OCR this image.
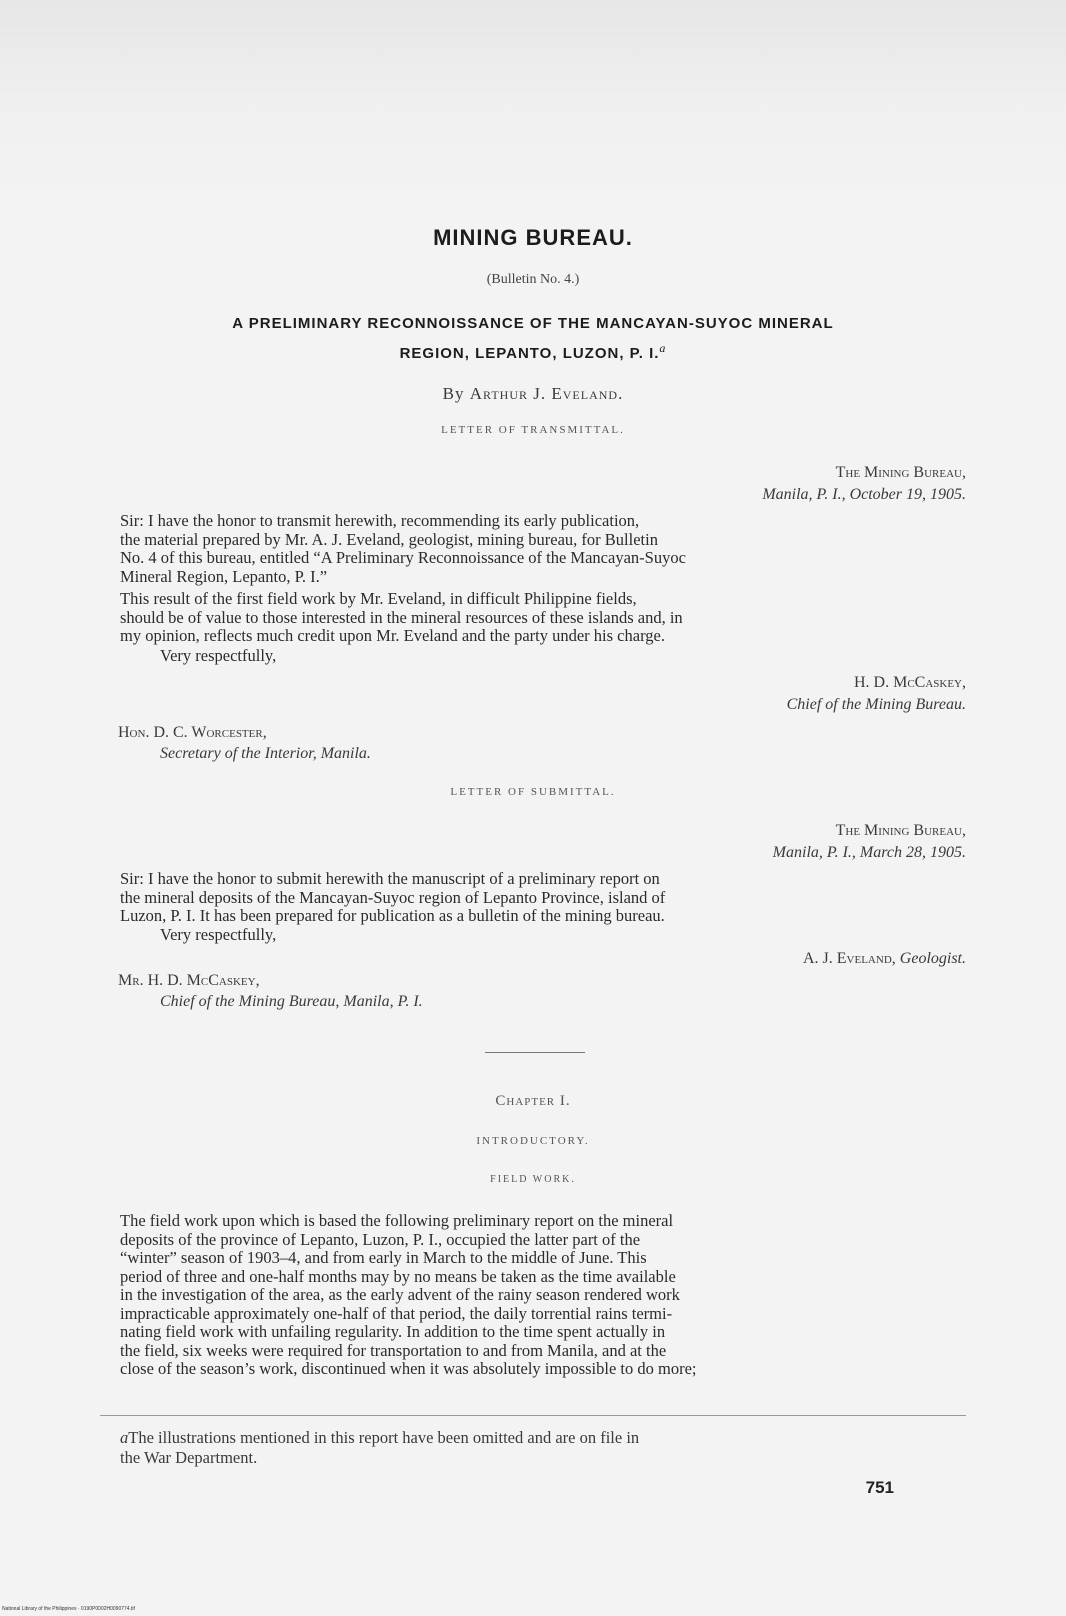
MINING BUREAU.
(Bulletin No. 4.)
A PRELIMINARY RECONNOISSANCE OF THE MANCAYAN-SUYOC MINERAL
REGION, LEPANTO, LUZON, P. I.$^a$
By Arthur J. Eveland.
LETTER OF TRANSMITTAL.
The Mining Bureau,
Manila, P. I., October 19, 1905.
Sir: I have the honor to transmit herewith, recommending its early publication,
the material prepared by Mr. A. J. Eveland, geologist, mining bureau, for Bulletin
No. 4 of this bureau, entitled “A Preliminary Reconnoissance of the Mancayan-Suyoc
Mineral Region, Lepanto, P. I.”
This result of the first field work by Mr. Eveland, in difficult Philippine fields,
should be of value to those interested in the mineral resources of these islands and, in
my opinion, reflects much credit upon Mr. Eveland and the party under his charge.
Very respectfully,
H. D. McCaskey,
Chief of the Mining Bureau.
Hon. D. C. Worcester,
Secretary of the Interior, Manila.
LETTER OF SUBMITTAL.
The Mining Bureau,
Manila, P. I., March 28, 1905.
Sir: I have the honor to submit herewith the manuscript of a preliminary report on
the mineral deposits of the Mancayan-Suyoc region of Lepanto Province, island of
Luzon, P. I. It has been prepared for publication as a bulletin of the mining bureau.
Very respectfully,
A. J. Eveland, Geologist.
Mr. H. D. McCaskey,
Chief of the Mining Bureau, Manila, P. I.
Chapter I.
INTRODUCTORY.
FIELD WORK.
The field work upon which is based the following preliminary report on the mineral
deposits of the province of Lepanto, Luzon, P. I., occupied the latter part of the
“winter” season of 1903–4, and from early in March to the middle of June. This
period of three and one-half months may by no means be taken as the time available
in the investigation of the area, as the early advent of the rainy season rendered work
impracticable approximately one-half of that period, the daily torrential rains termi-
nating field work with unfailing regularity. In addition to the time spent actually in
the field, six weeks were required for transportation to and from Manila, and at the
close of the season’s work, discontinued when it was absolutely impossible to do more;
aThe illustrations mentioned in this report have been omitted and are on file in
the War Department.
751
National Library of the Philippines · 0190P0002H0090774.tif
